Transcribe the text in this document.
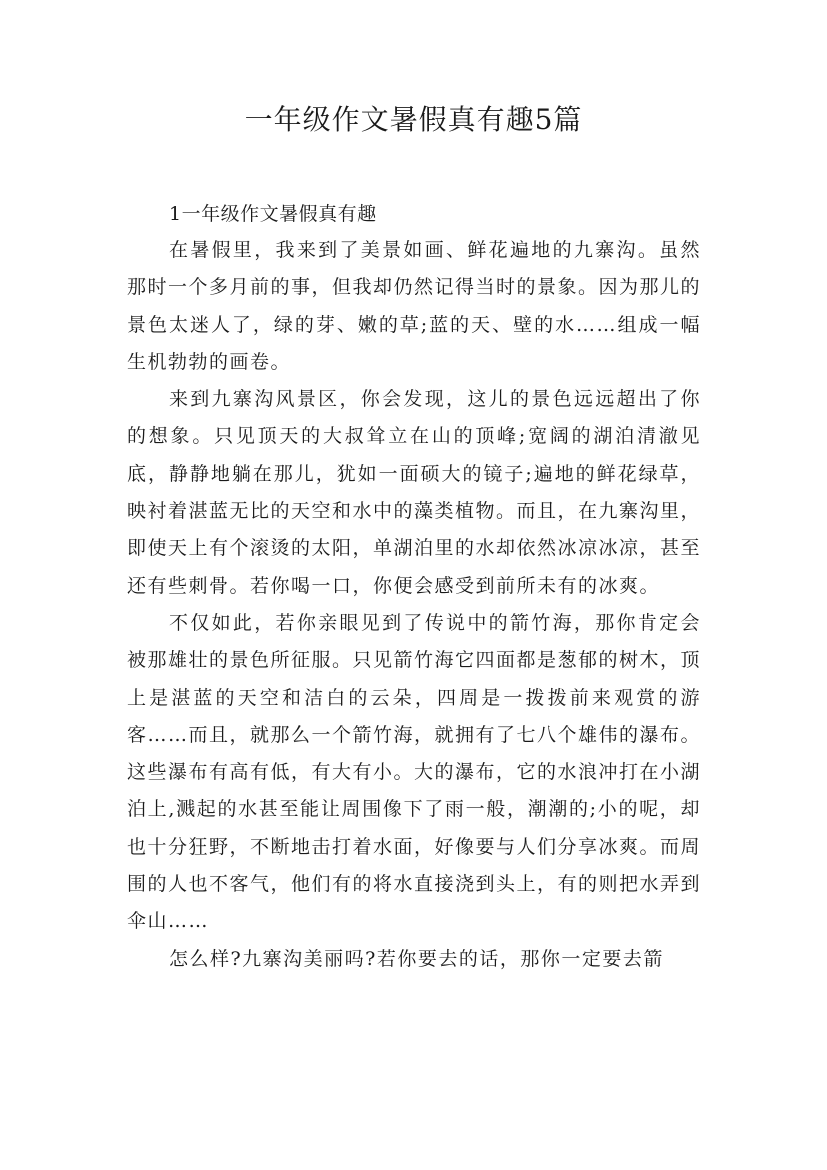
一年级作文暑假真有趣5篇
1一年级作文暑假真有趣

在暑假里，我来到了美景如画、鲜花遍地的九寨沟。虽然那时一个多月前的事，但我却仍然记得当时的景象。因为那儿的景色太迷人了，绿的芽、嫩的草;蓝的天、壁的水……组成一幅生机勃勃的画卷。

来到九寨沟风景区，你会发现，这儿的景色远远超出了你的想象。只见顶天的大叔耸立在山的顶峰;宽阔的湖泊清澈见底，静静地躺在那儿，犹如一面硕大的镜子;遍地的鲜花绿草，映衬着湛蓝无比的天空和水中的藻类植物。而且，在九寨沟里，即使天上有个滚烫的太阳，单湖泊里的水却依然冰凉冰凉，甚至还有些刺骨。若你喝一口，你便会感受到前所未有的冰爽。

不仅如此，若你亲眼见到了传说中的箭竹海，那你肯定会被那雄壮的景色所征服。只见箭竹海它四面都是葱郁的树木，顶上是湛蓝的天空和洁白的云朵，四周是一拨拨前来观赏的游客……而且，就那么一个箭竹海，就拥有了七八个雄伟的瀑布。这些瀑布有高有低，有大有小。大的瀑布，它的水浪冲打在小湖泊上,溅起的水甚至能让周围像下了雨一般，潮潮的;小的呢，却也十分狂野，不断地击打着水面，好像要与人们分享冰爽。而周围的人也不客气，他们有的将水直接浇到头上，有的则把水弄到伞山……

怎么样?九寨沟美丽吗?若你要去的话，那你一定要去箭
